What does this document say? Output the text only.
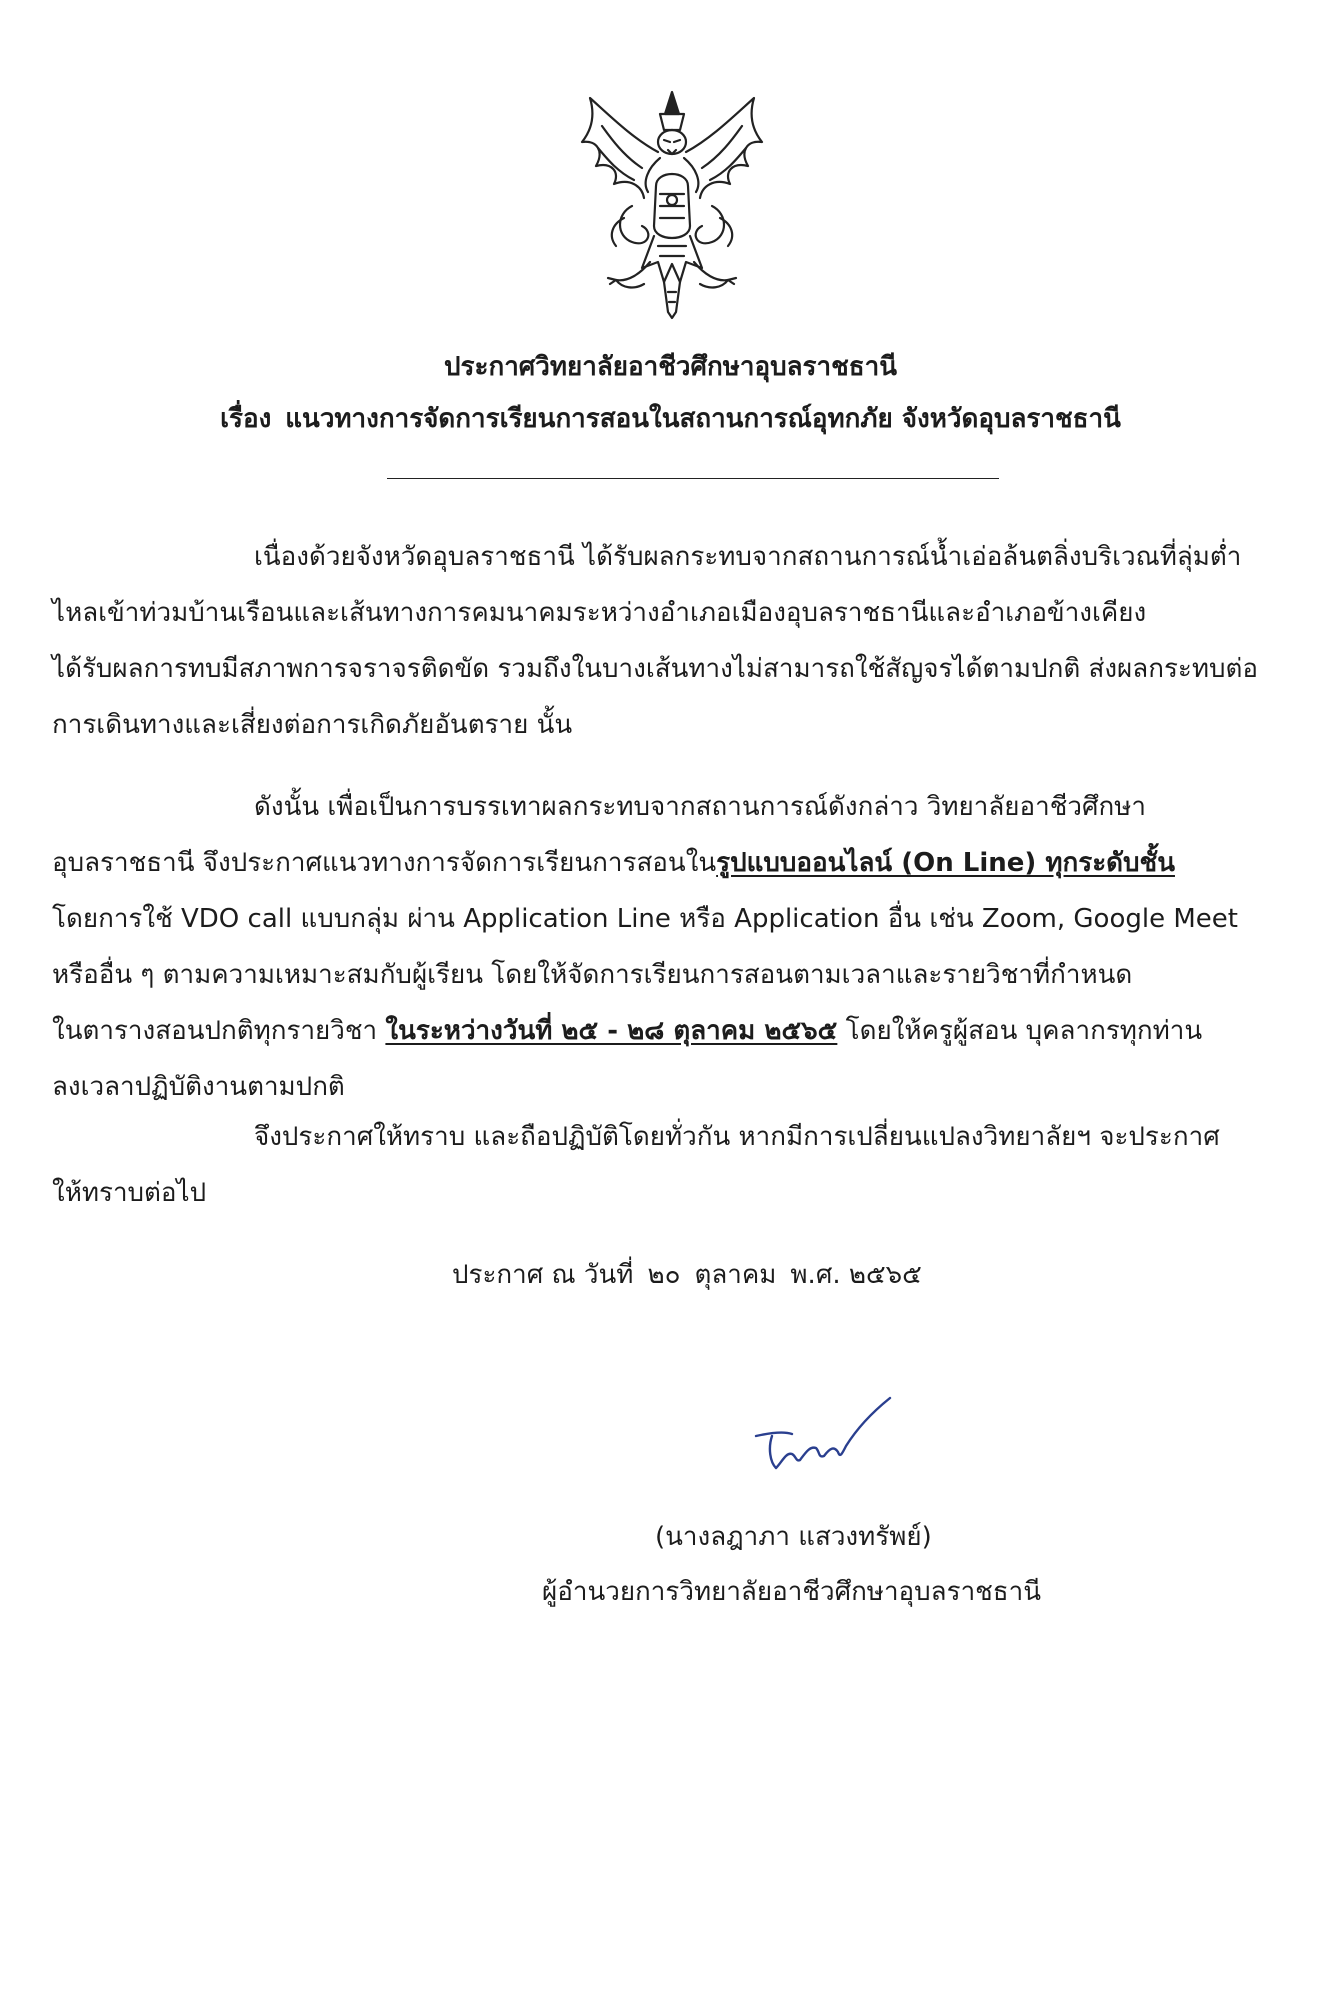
ประกาศวิทยาลัยอาชีวศึกษาอุบลราชธานี
เรื่อง แนวทางการจัดการเรียนการสอนในสถานการณ์อุทกภัย จังหวัดอุบลราชธานี
เนื่องด้วยจังหวัดอุบลราชธานี ได้รับผลกระทบจากสถานการณ์น้ำเอ่อล้นตลิ่งบริเวณที่ลุ่มต่ำ
ไหลเข้าท่วมบ้านเรือนและเส้นทางการคมนาคมระหว่างอำเภอเมืองอุบลราชธานีและอำเภอข้างเคียง
ได้รับผลการทบมีสภาพการจราจรติดขัด รวมถึงในบางเส้นทางไม่สามารถใช้สัญจรได้ตามปกติ ส่งผลกระทบต่อ
การเดินทางและเสี่ยงต่อการเกิดภัยอันตราย นั้น
ดังนั้น เพื่อเป็นการบรรเทาผลกระทบจากสถานการณ์ดังกล่าว วิทยาลัยอาชีวศึกษา
อุบลราชธานี จึงประกาศแนวทางการจัดการเรียนการสอนในรูปแบบออนไลน์ (On Line) ทุกระดับชั้น
โดยการใช้ VDO call แบบกลุ่ม ผ่าน Application Line หรือ Application อื่น เช่น Zoom, Google Meet
หรืออื่น ๆ ตามความเหมาะสมกับผู้เรียน โดยให้จัดการเรียนการสอนตามเวลาและรายวิชาที่กำหนด
ในตารางสอนปกติทุกรายวิชา ในระหว่างวันที่ ๒๕ - ๒๘ ตุลาคม ๒๕๖๕ โดยให้ครูผู้สอน บุคลากรทุกท่าน
ลงเวลาปฏิบัติงานตามปกติ
จึงประกาศให้ทราบ และถือปฏิบัติโดยทั่วกัน หากมีการเปลี่ยนแปลงวิทยาลัยฯ จะประกาศ
ให้ทราบต่อไป
ประกาศ ณ วันที่ ๒๐ ตุลาคม พ.ศ. ๒๕๖๕
(นางลฎาภา แสวงทรัพย์)
ผู้อำนวยการวิทยาลัยอาชีวศึกษาอุบลราชธานี
